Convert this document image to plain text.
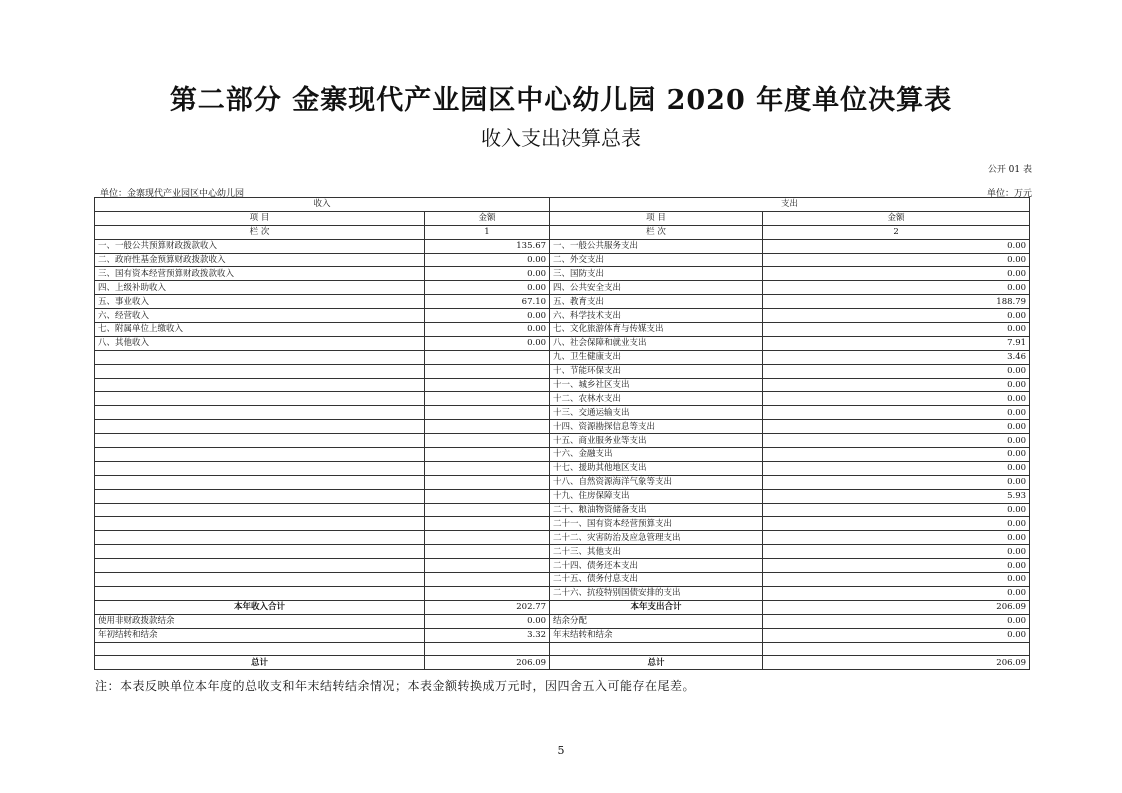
第二部分 金寨现代产业园区中心幼儿园 2020 年度单位决算表
收入支出决算总表
公开 01 表
单位：金寨现代产业园区中心幼儿园	单位：万元
收入		支出	
项 目	金额	项 目	金额
栏 次	1	栏 次	2
一、一般公共预算财政拨款收入	135.67	一、一般公共服务支出	0.00
二、政府性基金预算财政拨款收入	0.00	二、外交支出	0.00
三、国有资本经营预算财政拨款收入	0.00	三、国防支出	0.00
四、上级补助收入	0.00	四、公共安全支出	0.00
五、事业收入	67.10	五、教育支出	188.79
六、经营收入	0.00	六、科学技术支出	0.00
七、附属单位上缴收入	0.00	七、文化旅游体育与传媒支出	0.00
八、其他收入	0.00	八、社会保障和就业支出	7.91
		九、卫生健康支出	3.46
		十、节能环保支出	0.00
		十一、城乡社区支出	0.00
		十二、农林水支出	0.00
		十三、交通运输支出	0.00
		十四、资源勘探信息等支出	0.00
		十五、商业服务业等支出	0.00
		十六、金融支出	0.00
		十七、援助其他地区支出	0.00
		十八、自然资源海洋气象等支出	0.00
		十九、住房保障支出	5.93
		二十、粮油物资储备支出	0.00
		二十一、国有资本经营预算支出	0.00
		二十二、灾害防治及应急管理支出	0.00
		二十三、其他支出	0.00
		二十四、债务还本支出	0.00
		二十五、债务付息支出	0.00
		二十六、抗疫特别国债安排的支出	0.00
本年收入合计	202.77	本年支出合计	206.09
使用非财政拨款结余	0.00	结余分配	0.00
年初结转和结余	3.32	年末结转和结余	0.00

总计	206.09	总计	206.09
注：本表反映单位本年度的总收支和年末结转结余情况；本表金额转换成万元时，因四舍五入可能存在尾差。
5
